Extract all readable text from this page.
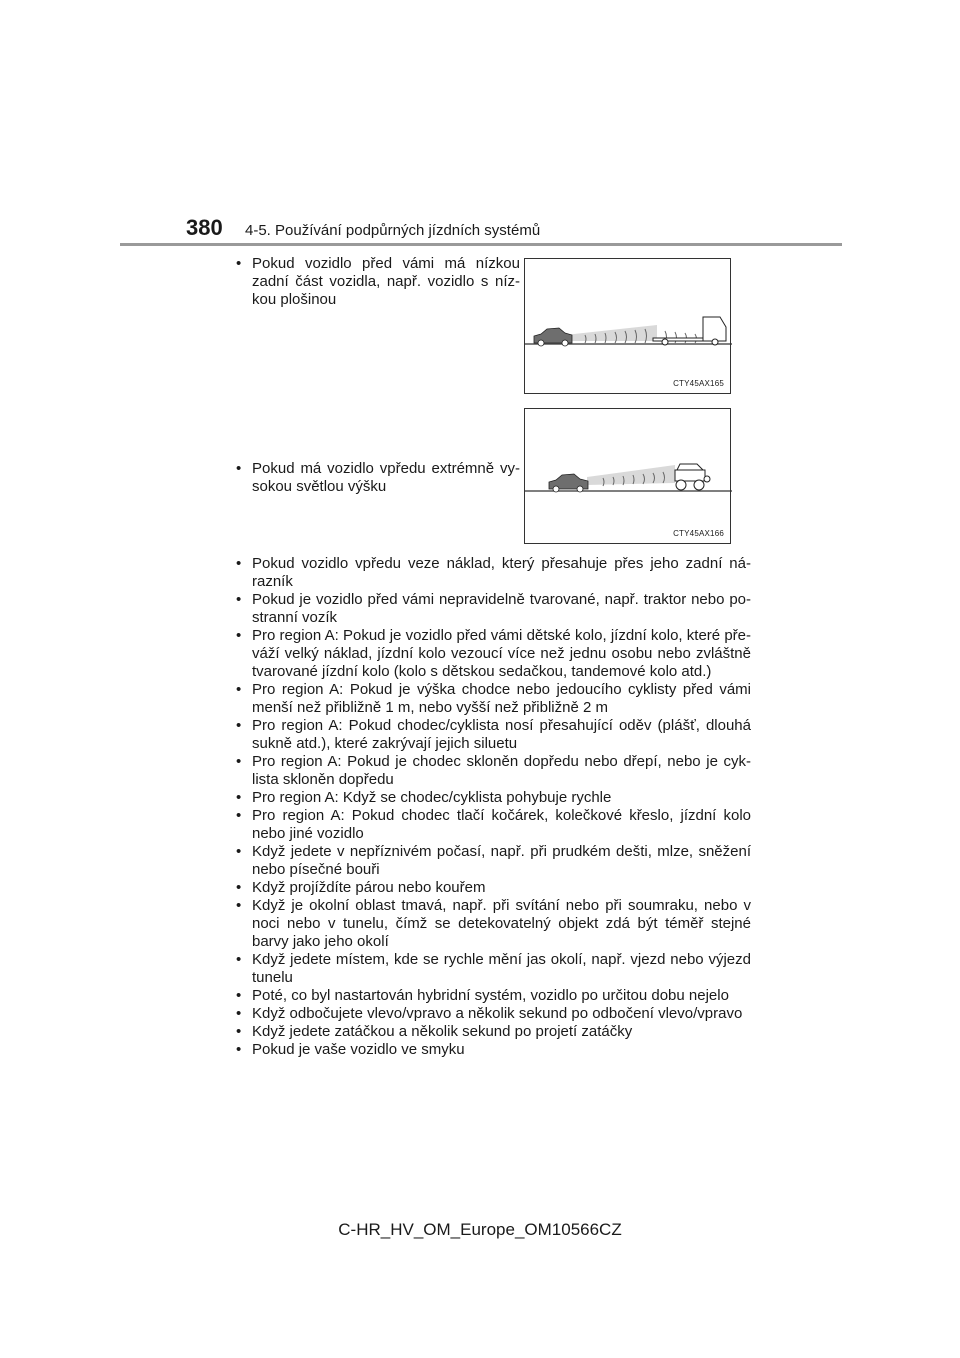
380 4-5. Používání podpůrných jízdních systémů
• Pokud vozidlo před vámi má nízkou zadní část vozidla, např. vozidlo s níz-kou plošinou
CTY45AX165
• Pokud má vozidlo vpředu extrémně vy-sokou světlou výšku
CTY45AX166
• Pokud vozidlo vpředu veze náklad, který přesahuje přes jeho zadní ná-razník
• Pokud je vozidlo před vámi nepravidelně tvarované, např. traktor nebo po-stranní vozík
• Pro region A: Pokud je vozidlo před vámi dětské kolo, jízdní kolo, které pře-váží velký náklad, jízdní kolo vezoucí více než jednu osobu nebo zvláštně tvarované jízdní kolo (kolo s dětskou sedačkou, tandemové kolo atd.)
• Pro region A: Pokud je výška chodce nebo jedoucího cyklisty před vámi menší než přibližně 1 m, nebo vyšší než přibližně 2 m
• Pro region A: Pokud chodec/cyklista nosí přesahující oděv (plášť, dlouhá sukně atd.), které zakrývají jejich siluetu
• Pro region A: Pokud je chodec skloněn dopředu nebo dřepí, nebo je cyk-lista skloněn dopředu
• Pro region A: Když se chodec/cyklista pohybuje rychle
• Pro region A: Pokud chodec tlačí kočárek, kolečkové křeslo, jízdní kolo nebo jiné vozidlo
• Když jedete v nepříznivém počasí, např. při prudkém dešti, mlze, sněžení nebo písečné bouři
• Když projíždíte párou nebo kouřem
• Když je okolní oblast tmavá, např. při svítání nebo při soumraku, nebo v noci nebo v tunelu, čímž se detekovatelný objekt zdá být téměř stejné barvy jako jeho okolí
• Když jedete místem, kde se rychle mění jas okolí, např. vjezd nebo výjezd tunelu
• Poté, co byl nastartován hybridní systém, vozidlo po určitou dobu nejelo
• Když odbočujete vlevo/vpravo a několik sekund po odbočení vlevo/vpravo
• Když jedete zatáčkou a několik sekund po projetí zatáčky
• Pokud je vaše vozidlo ve smyku
C-HR_HV_OM_Europe_OM10566CZ
